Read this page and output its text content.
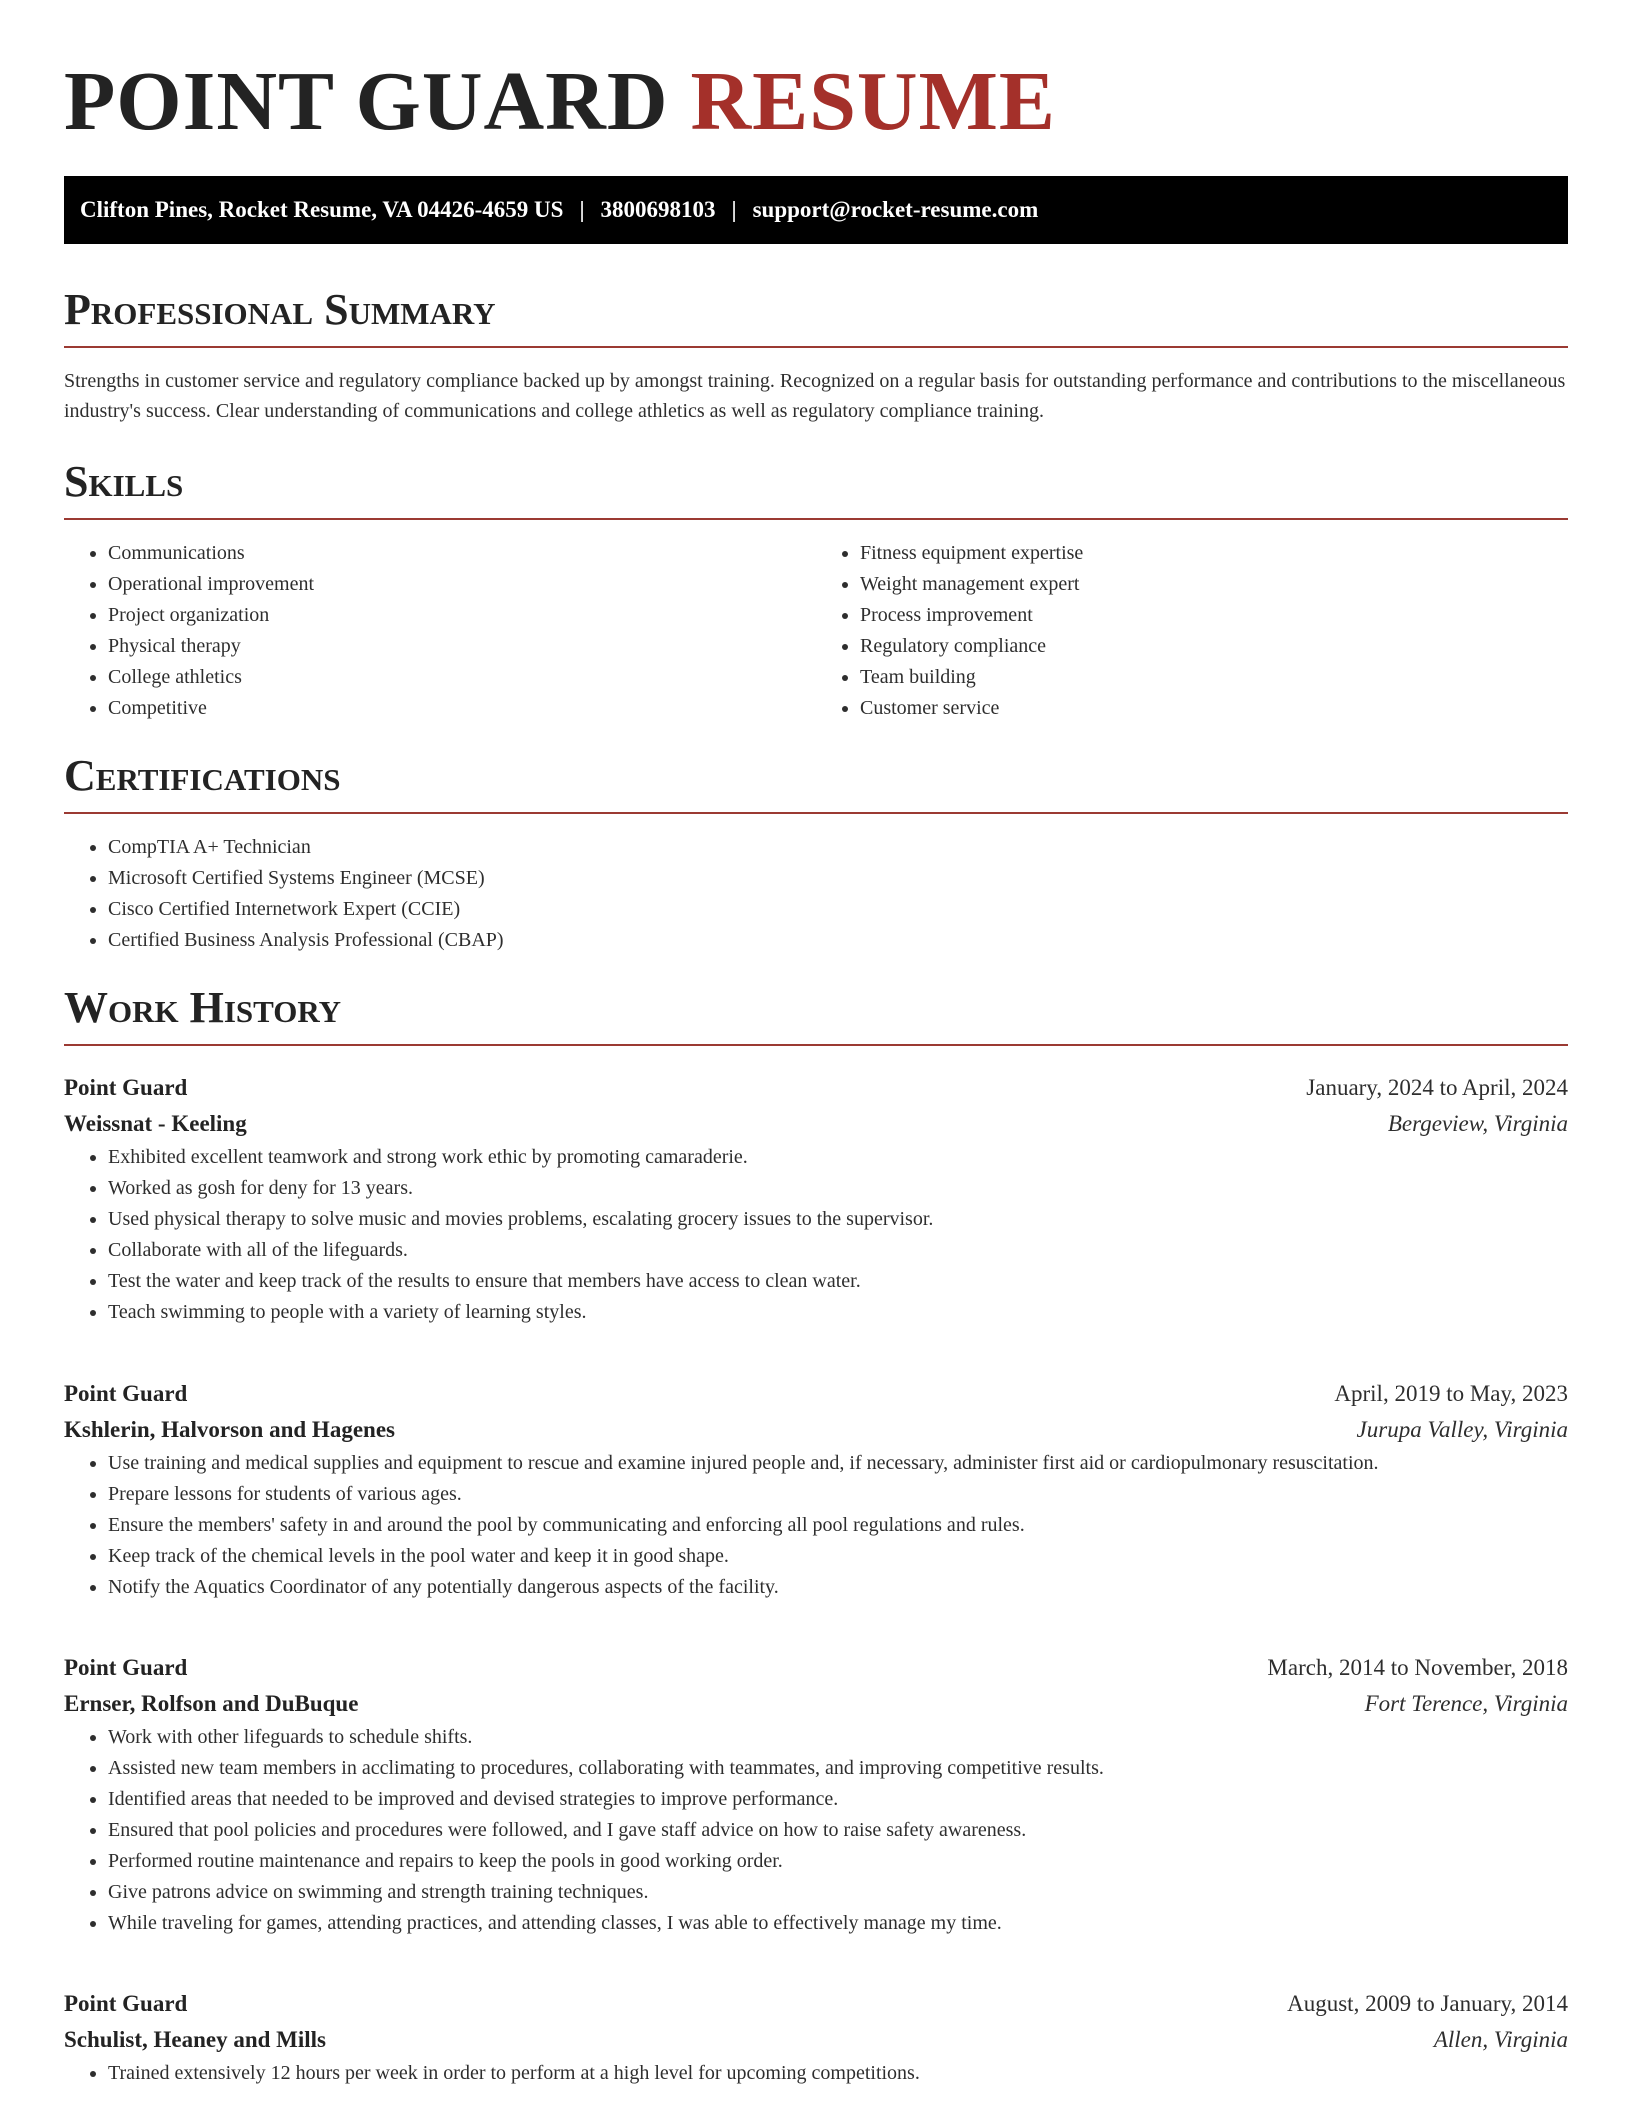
POINT GUARD RESUME
Clifton Pines, Rocket Resume, VA 04426-4659 US | 3800698103 | support@rocket-resume.com
Professional Summary

Strengths in customer service and regulatory compliance backed up by amongst training. Recognized on a regular basis for outstanding performance and contributions to the miscellaneous industry's success. Clear understanding of communications and college athletics as well as regulatory compliance training.

Skills
• Communications
• Operational improvement
• Project organization
• Physical therapy
• College athletics
• Competitive
• Fitness equipment expertise
• Weight management expert
• Process improvement
• Regulatory compliance
• Team building
• Customer service
Certifications
• CompTIA A+ Technician
• Microsoft Certified Systems Engineer (MCSE)
• Cisco Certified Internetwork Expert (CCIE)
• Certified Business Analysis Professional (CBAP)
Work History
Point Guard	January, 2024 to April, 2024
Weissnat - Keeling	Bergeview, Virginia
• Exhibited excellent teamwork and strong work ethic by promoting camaraderie.
• Worked as gosh for deny for 13 years.
• Used physical therapy to solve music and movies problems, escalating grocery issues to the supervisor.
• Collaborate with all of the lifeguards.
• Test the water and keep track of the results to ensure that members have access to clean water.
• Teach swimming to people with a variety of learning styles.
Point Guard	April, 2019 to May, 2023
Kshlerin, Halvorson and Hagenes	Jurupa Valley, Virginia
• Use training and medical supplies and equipment to rescue and examine injured people and, if necessary, administer first aid or cardiopulmonary resuscitation.
• Prepare lessons for students of various ages.
• Ensure the members' safety in and around the pool by communicating and enforcing all pool regulations and rules.
• Keep track of the chemical levels in the pool water and keep it in good shape.
• Notify the Aquatics Coordinator of any potentially dangerous aspects of the facility.
Point Guard	March, 2014 to November, 2018
Ernser, Rolfson and DuBuque	Fort Terence, Virginia
• Work with other lifeguards to schedule shifts.
• Assisted new team members in acclimating to procedures, collaborating with teammates, and improving competitive results.
• Identified areas that needed to be improved and devised strategies to improve performance.
• Ensured that pool policies and procedures were followed, and I gave staff advice on how to raise safety awareness.
• Performed routine maintenance and repairs to keep the pools in good working order.
• Give patrons advice on swimming and strength training techniques.
• While traveling for games, attending practices, and attending classes, I was able to effectively manage my time.
Point Guard	August, 2009 to January, 2014
Schulist, Heaney and Mills	Allen, Virginia
• Trained extensively 12 hours per week in order to perform at a high level for upcoming competitions.
